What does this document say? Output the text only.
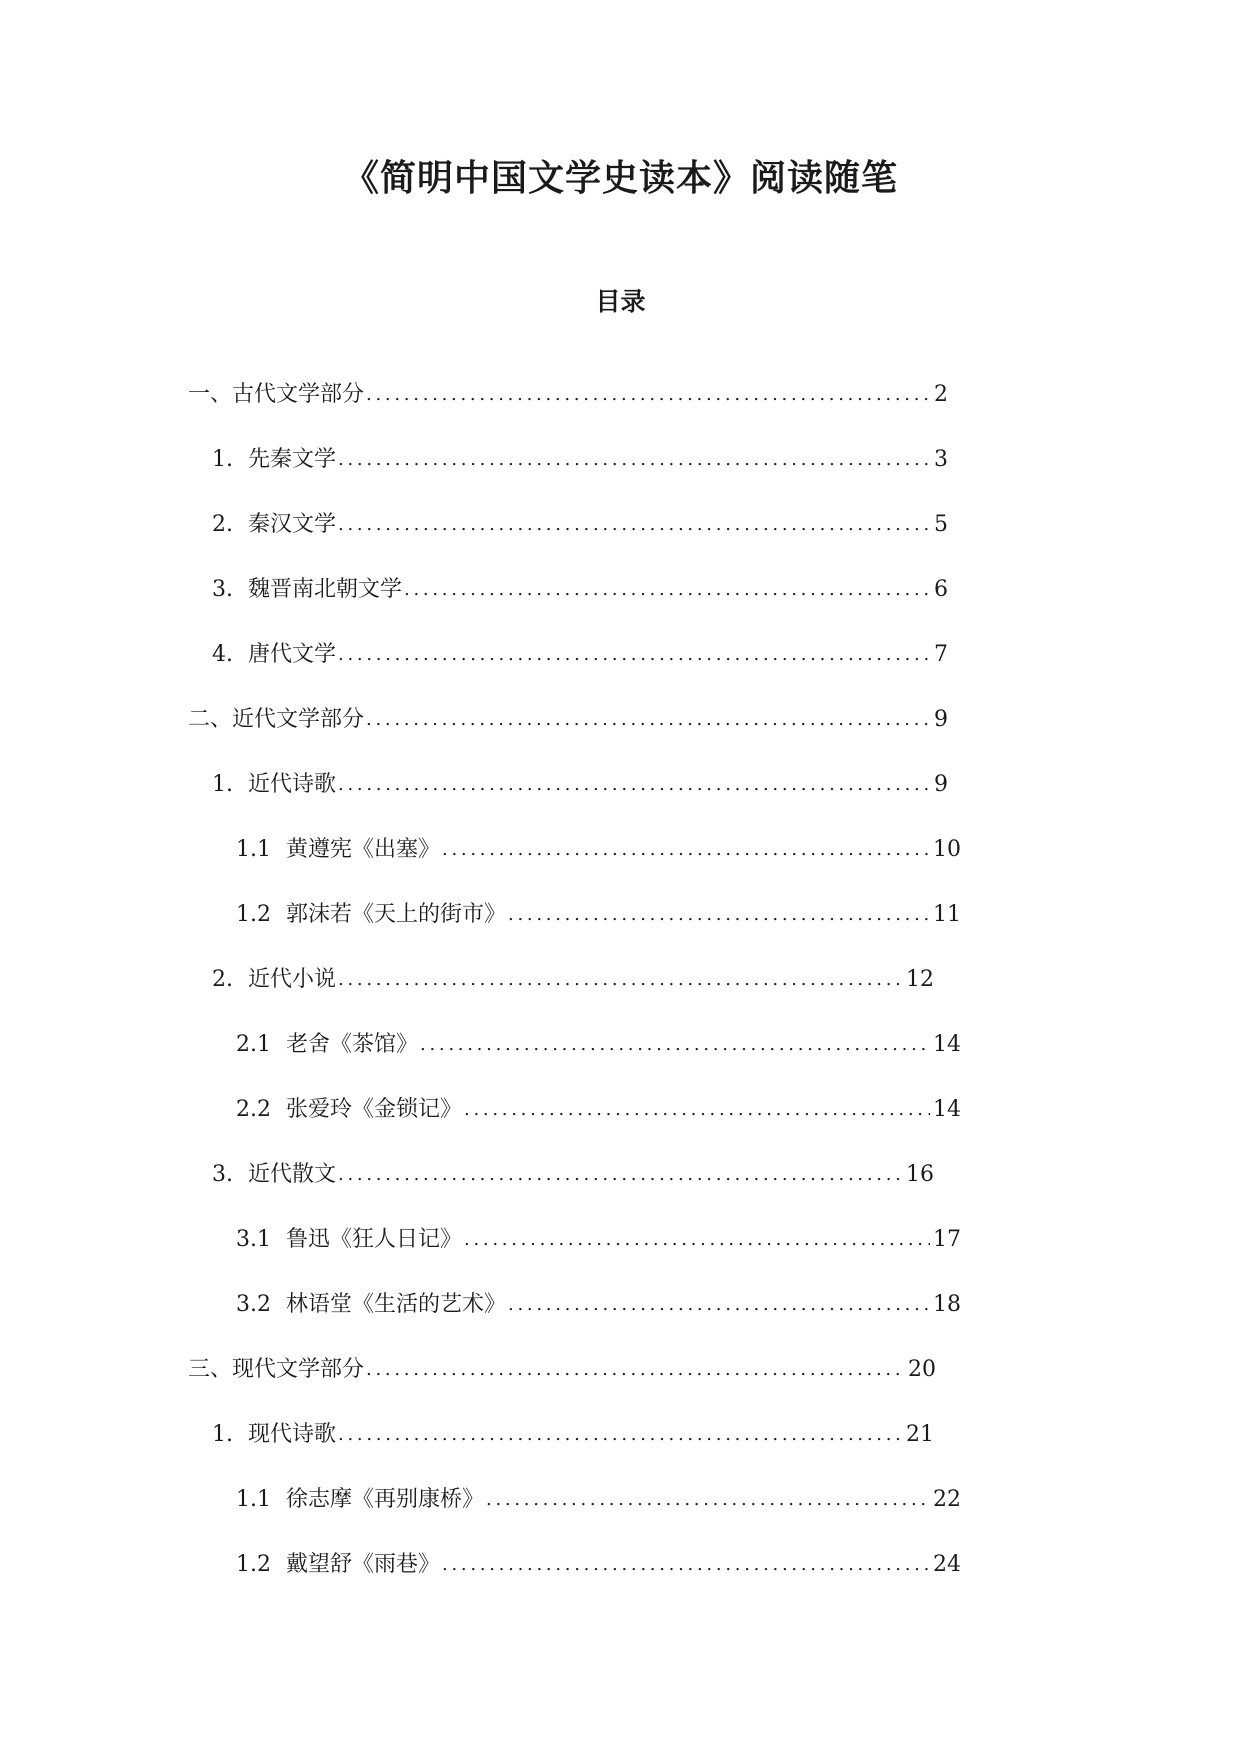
《简明中国文学史读本》阅读随笔
目录
一、 古代文学部分 . . .	2
1. 先秦文学 . . .	3
2. 秦汉文学 . . .	5
3. 魏晋南北朝文学 . . .	6
4. 唐代文学 . . .	7
二、 近代文学部分 . . .	9
1. 近代诗歌 . . .	9
1.1 黄遵宪《出塞》 . . .	10
1.2 郭沫若《天上的街市》 . . .	11
2. 近代小说 . . .	12
2.1 老舍《茶馆》 . . .	14
2.2 张爱玲《金锁记》 . . .	14
3. 近代散文 . . .	16
3.1 鲁迅《狂人日记》 . . .	17
3.2 林语堂《生活的艺术》 . . .	18
三、 现代文学部分 . . .	20
1. 现代诗歌 . . .	21
1.1 徐志摩《再别康桥》 . . .	22
1.2 戴望舒《雨巷》 . . .	24
